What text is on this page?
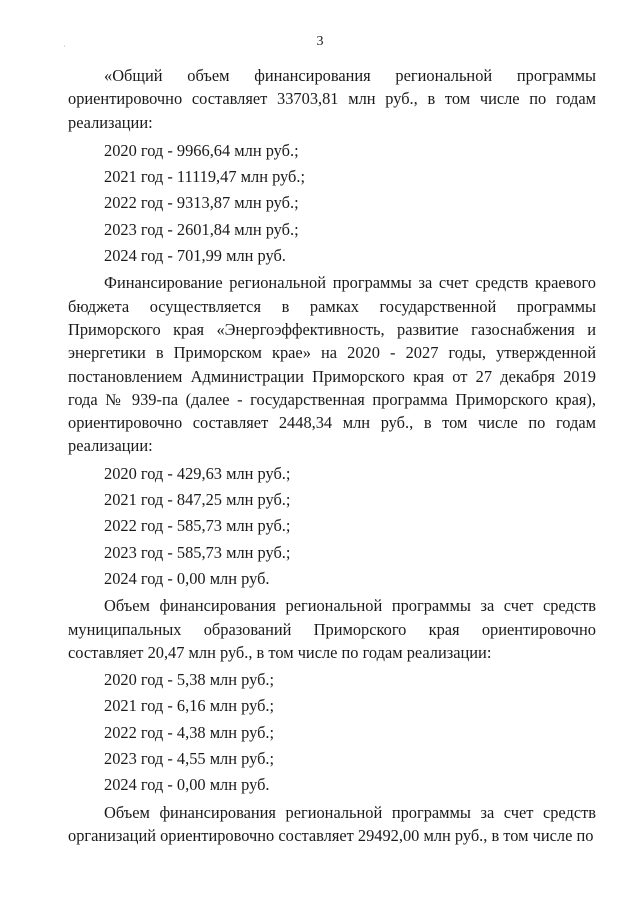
·	3

«Общий объем финансирования региональной программы ориентировочно составляет 33703,81 млн руб., в том числе по годам реализации:

2020 год - 9966,64 млн руб.;

2021 год - 11119,47 млн руб.;

2022 год - 9313,87 млн руб.;

2023 год - 2601,84 млн руб.;

2024 год - 701,99 млн руб.

Финансирование региональной программы за счет средств краевого бюджета осуществляется в рамках государственной программы Приморского края «Энергоэффективность, развитие газоснабжения и энергетики в Приморском крае» на 2020 - 2027 годы, утвержденной постановлением Администрации Приморского края от 27 декабря 2019 года № 939-па (далее - государственная программа Приморского края), ориентировочно составляет 2448,34 млн руб., в том числе по годам реализации:

2020 год - 429,63 млн руб.;

2021 год - 847,25 млн руб.;

2022 год - 585,73 млн руб.;

2023 год - 585,73 млн руб.;

2024 год - 0,00 млн руб.

Объем финансирования региональной программы за счет средств муниципальных образований Приморского края ориентировочно составляет 20,47 млн руб., в том числе по годам реализации:

2020 год - 5,38 млн руб.;

2021 год - 6,16 млн руб.;

2022 год - 4,38 млн руб.;

2023 год - 4,55 млн руб.;

2024 год - 0,00 млн руб.

Объем финансирования региональной программы за счет средств организаций ориентировочно составляет 29492,00 млн руб., в том числе по
